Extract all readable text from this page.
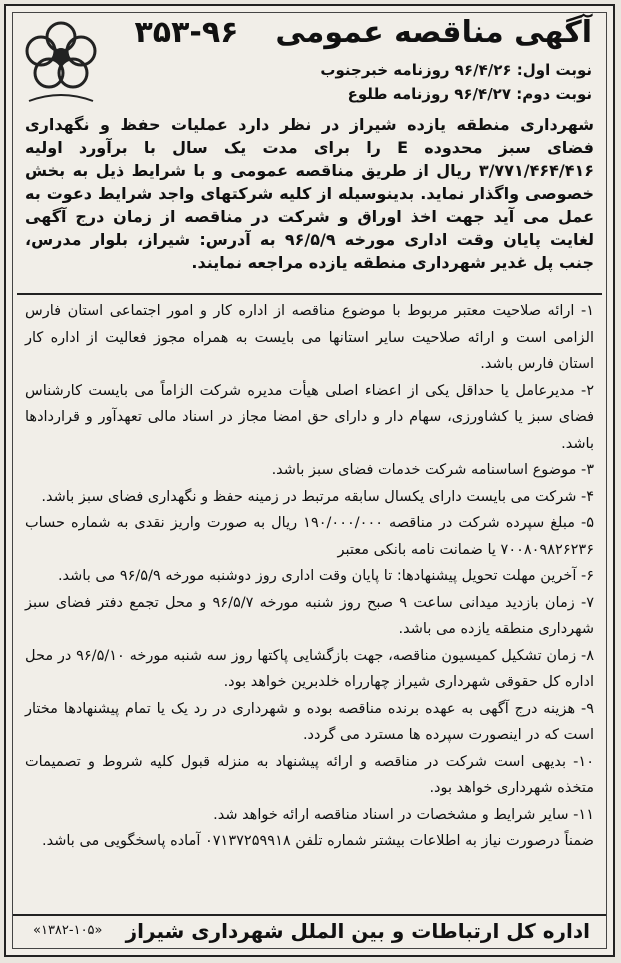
آگهی مناقصه عمومی  ۹۶-۳۵۳
نوبت اول: ۹۶/۴/۲۶ روزنامه خبرجنوب
نوبت دوم: ۹۶/۴/۲۷ روزنامه طلوع
شهرداری منطقه یازده شیراز در نظر دارد عملیات حفظ و نگهداری فضای سبز محدوده E را برای مدت یک سال با برآورد اولیه ۳/۷۷۱/۴۶۴/۴۱۶ ریال از طریق مناقصه عمومی و با شرایط ذیل به بخش خصوصی واگذار نماید. بدینوسیله از کلیه شرکتهای واجد شرایط دعوت به عمل می آید جهت اخذ اوراق و شرکت در مناقصه از زمان درج آگهی لغایت پایان وقت اداری مورخه ۹۶/۵/۹ به آدرس: شیراز، بلوار مدرس، جنب پل غدیر شهرداری منطقه یازده مراجعه نمایند.

۱- ارائه صلاحیت معتبر مربوط با موضوع مناقصه از اداره کار و امور اجتماعی استان فارس الزامی است و ارائه صلاحیت سایر استانها می بایست به همراه مجوز فعالیت از اداره کار استان فارس باشد.

۲- مدیرعامل یا حداقل یکی از اعضاء اصلی هیأت مدیره شرکت الزاماً می بایست کارشناس فضای سبز یا کشاورزی، سهام دار و دارای حق امضا مجاز در اسناد مالی تعهدآور و قراردادها باشد.

۳- موضوع اساسنامه شرکت خدمات فضای سبز باشد.

۴- شرکت می بایست دارای یکسال سابقه مرتبط در زمینه حفظ و نگهداری فضای سبز باشد.

۵- مبلغ سپرده شرکت در مناقصه ۱۹۰/۰۰۰/۰۰۰ ریال به صورت واریز نقدی به شماره حساب ۷۰۰۸۰۹۸۲۶۲۳۶ یا ضمانت نامه بانکی معتبر

۶- آخرین مهلت تحویل پیشنهادها: تا پایان وقت اداری روز دوشنبه مورخه ۹۶/۵/۹ می باشد.

۷- زمان بازدید میدانی ساعت ۹ صبح روز شنبه مورخه ۹۶/۵/۷ و محل تجمع دفتر فضای سبز شهرداری منطقه یازده می باشد.

۸- زمان تشکیل کمیسیون مناقصه، جهت بازگشایی پاکتها روز سه شنبه مورخه ۹۶/۵/۱۰ در محل اداره کل حقوقی شهرداری شیراز چهارراه خلدبرین خواهد بود.

۹- هزینه درج آگهی به عهده برنده مناقصه بوده و شهرداری در رد یک یا تمام پیشنهادها مختار است که در اینصورت سپرده ها مسترد می گردد.

۱۰- بدیهی است شرکت در مناقصه و ارائه پیشنهاد به منزله قبول کلیه شروط و تصمیمات متخذه شهرداری خواهد بود.

۱۱- سایر شرایط و مشخصات در اسناد مناقصه ارائه خواهد شد.

ضمناً درصورت نیاز به اطلاعات بیشتر شماره تلفن ۰۷۱۳۷۲۵۹۹۱۸ آماده پاسخگویی می باشد.

اداره کل ارتباطات و بین الملل شهرداری شیراز
«۱۳۸۲-۱۰۵»
